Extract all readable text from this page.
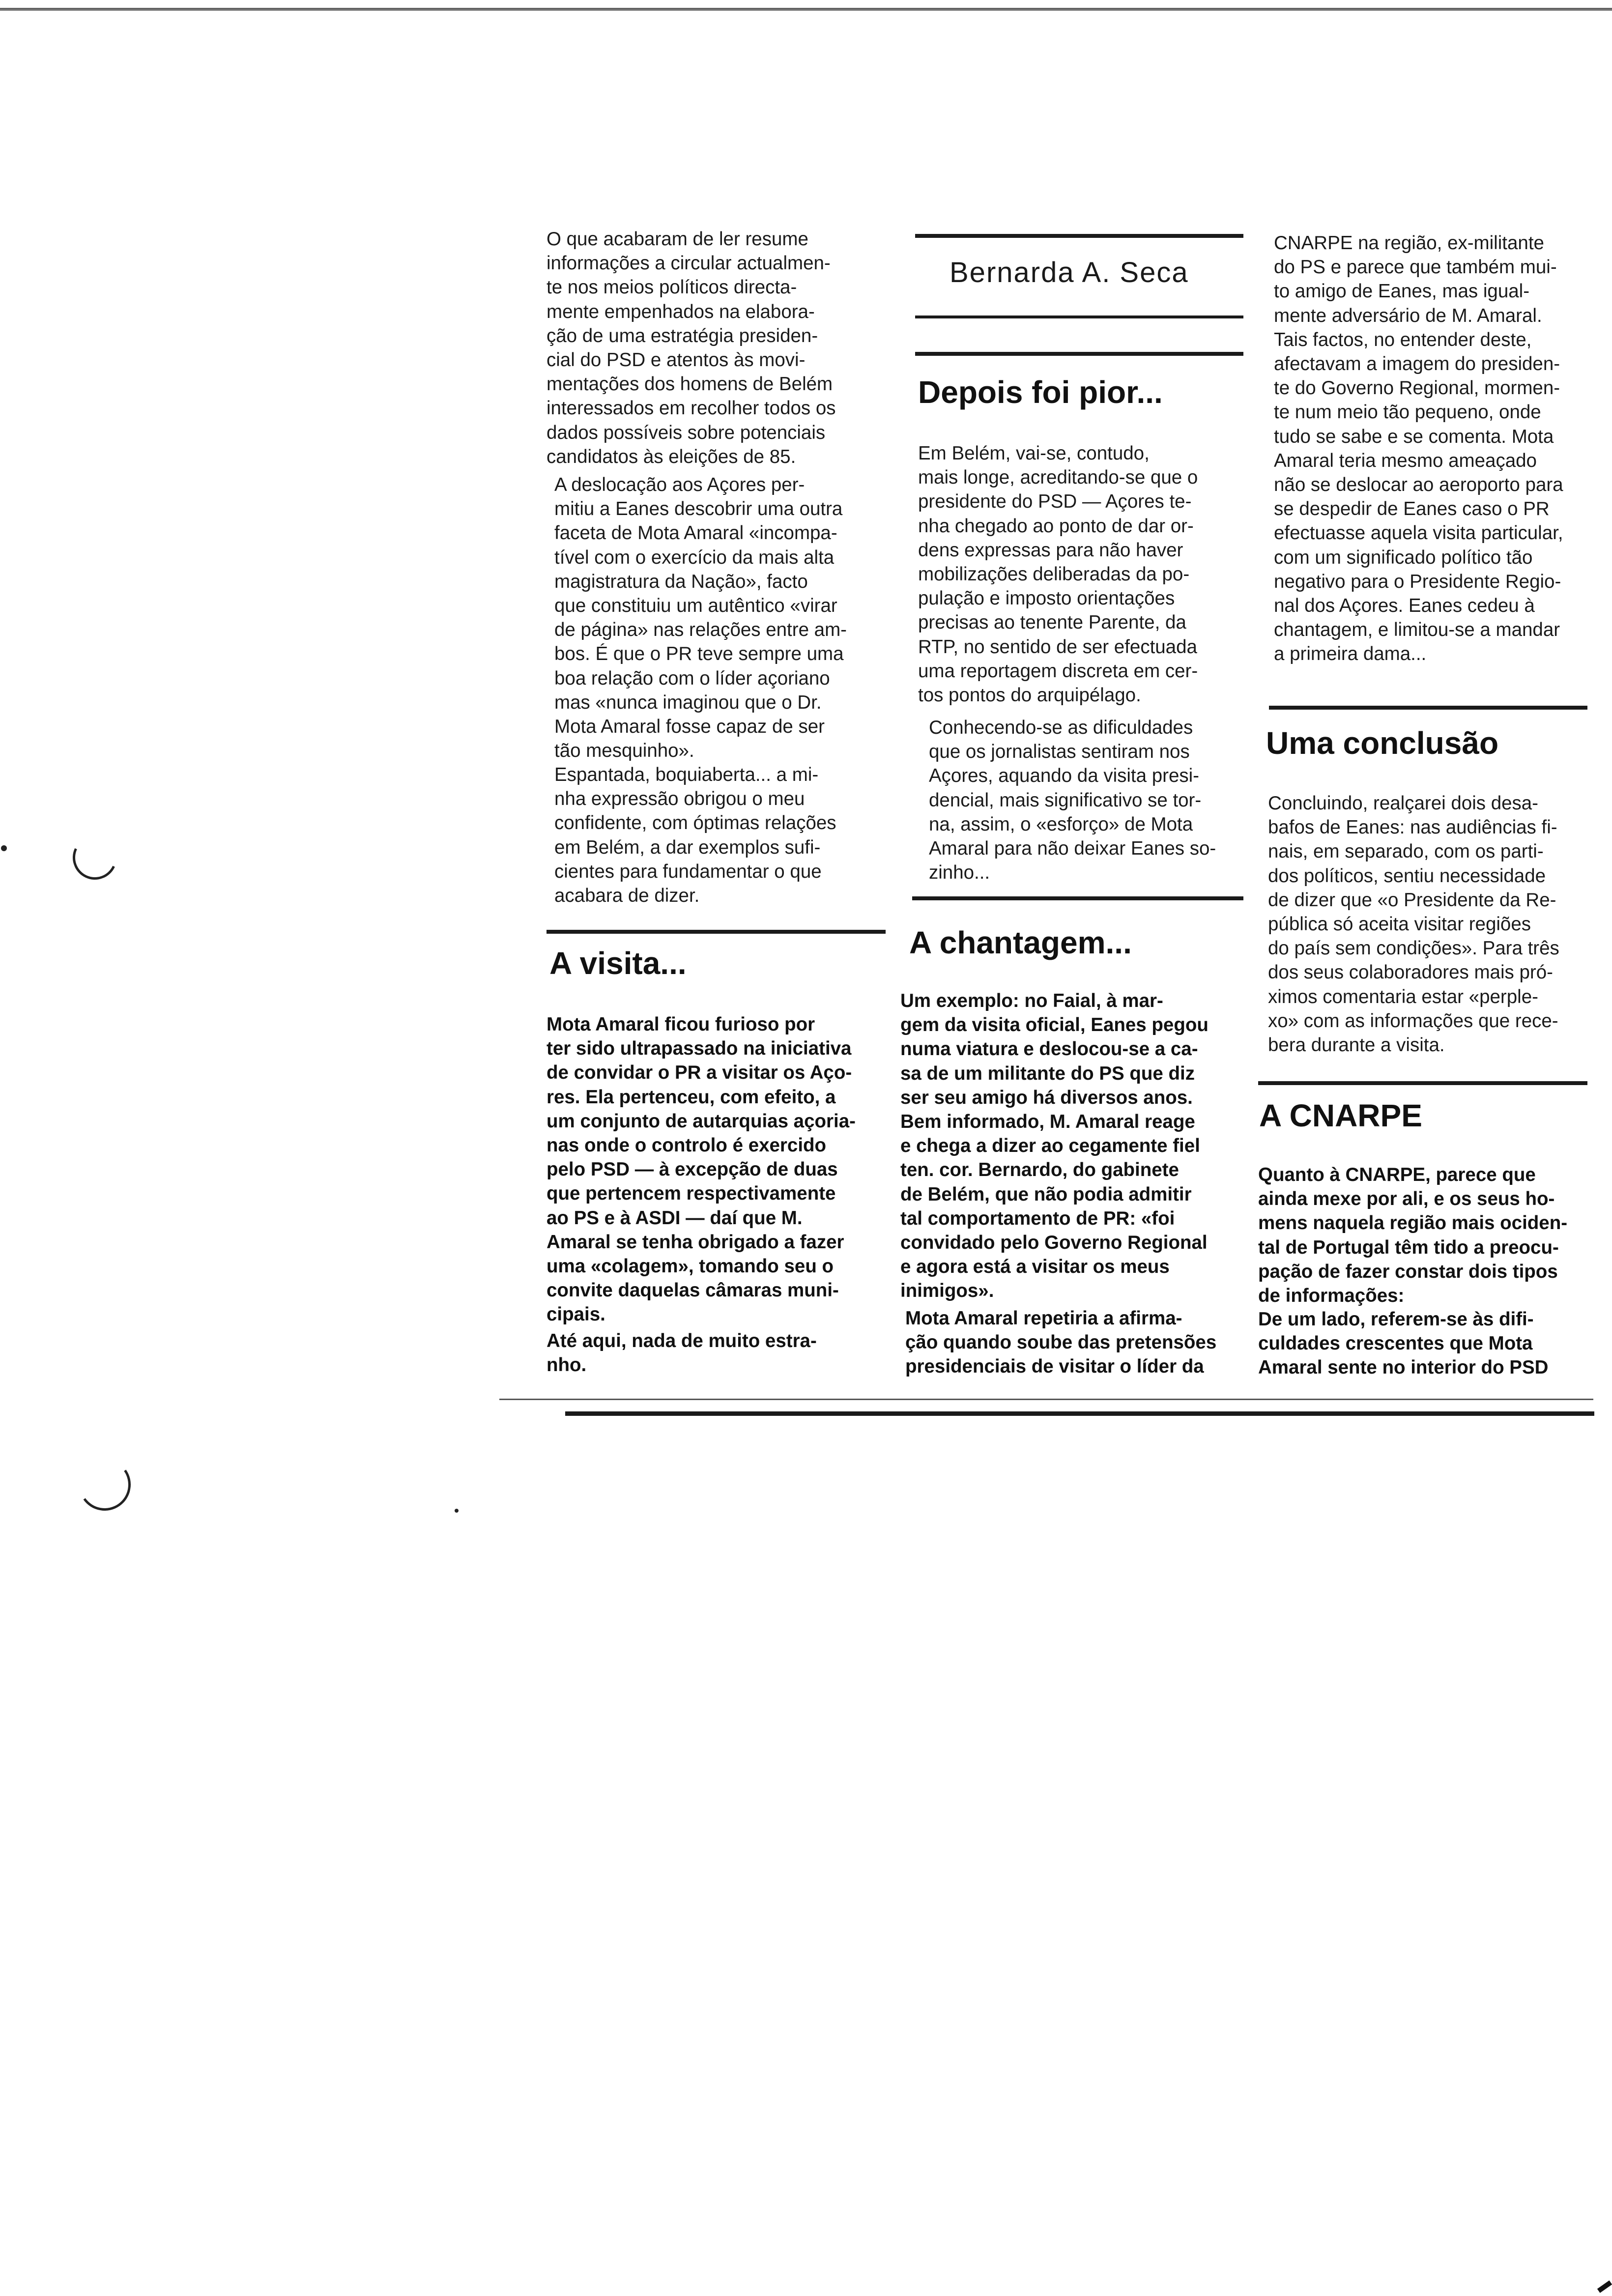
O que acabaram de ler resume
informações a circular actualmen-
te nos meios políticos directa-
mente empenhados na elabora-
ção de uma estratégia presiden-
cial do PSD e atentos às movi-
mentações dos homens de Belém
interessados em recolher todos os
dados possíveis sobre potenciais
candidatos às eleições de 85.

A deslocação aos Açores per-
mitiu a Eanes descobrir uma outra
faceta de Mota Amaral «incompa-
tível com o exercício da mais alta
magistratura da Nação», facto
que constituiu um autêntico «virar
de página» nas relações entre am-
bos. É que o PR teve sempre uma
boa relação com o líder açoriano
mas «nunca imaginou que o Dr.
Mota Amaral fosse capaz de ser
tão mesquinho».

Espantada, boquiaberta... a mi-
nha expressão obrigou o meu
confidente, com óptimas relações
em Belém, a dar exemplos sufi-
cientes para fundamentar o que
acabara de dizer.

A visita...

Mota Amaral ficou furioso por
ter sido ultrapassado na iniciativa
de convidar o PR a visitar os Aço-
res. Ela pertenceu, com efeito, a
um conjunto de autarquias açoria-
nas onde o controlo é exercido
pelo PSD — à excepção de duas
que pertencem respectivamente
ao PS e à ASDI — daí que M.
Amaral se tenha obrigado a fazer
uma «colagem», tomando seu o
convite daquelas câmaras muni-
cipais.

Até aqui, nada de muito estra-
nho.

Bernarda A. Seca

Depois foi pior...

Em Belém, vai-se, contudo,
mais longe, acreditando-se que o
presidente do PSD — Açores te-
nha chegado ao ponto de dar or-
dens expressas para não haver
mobilizações deliberadas da po-
pulação e imposto orientações
precisas ao tenente Parente, da
RTP, no sentido de ser efectuada
uma reportagem discreta em cer-
tos pontos do arquipélago.

Conhecendo-se as dificuldades
que os jornalistas sentiram nos
Açores, aquando da visita presi-
dencial, mais significativo se tor-
na, assim, o «esforço» de Mota
Amaral para não deixar Eanes so-
zinho...

A chantagem...

Um exemplo: no Faial, à mar-
gem da visita oficial, Eanes pegou
numa viatura e deslocou-se a ca-
sa de um militante do PS que diz
ser seu amigo há diversos anos.
Bem informado, M. Amaral reage
e chega a dizer ao cegamente fiel
ten. cor. Bernardo, do gabinete
de Belém, que não podia admitir
tal comportamento de PR: «foi
convidado pelo Governo Regional
e agora está a visitar os meus
inimigos».

Mota Amaral repetiria a afirma-
ção quando soube das pretensões
presidenciais de visitar o líder da

CNARPE na região, ex-militante
do PS e parece que também mui-
to amigo de Eanes, mas igual-
mente adversário de M. Amaral.
Tais factos, no entender deste,
afectavam a imagem do presiden-
te do Governo Regional, mormen-
te num meio tão pequeno, onde
tudo se sabe e se comenta. Mota
Amaral teria mesmo ameaçado
não se deslocar ao aeroporto para
se despedir de Eanes caso o PR
efectuasse aquela visita particular,
com um significado político tão
negativo para o Presidente Regio-
nal dos Açores. Eanes cedeu à
chantagem, e limitou-se a mandar
a primeira dama...

Uma conclusão

Concluindo, realçarei dois desa-
bafos de Eanes: nas audiências fi-
nais, em separado, com os parti-
dos políticos, sentiu necessidade
de dizer que «o Presidente da Re-
pública só aceita visitar regiões
do país sem condições». Para três
dos seus colaboradores mais pró-
ximos comentaria estar «perple-
xo» com as informações que rece-
bera durante a visita.

A CNARPE

Quanto à CNARPE, parece que
ainda mexe por ali, e os seus ho-
mens naquela região mais ociden-
tal de Portugal têm tido a preocu-
pação de fazer constar dois tipos
de informações:

De um lado, referem-se às difi-
culdades crescentes que Mota
Amaral sente no interior do PSD
